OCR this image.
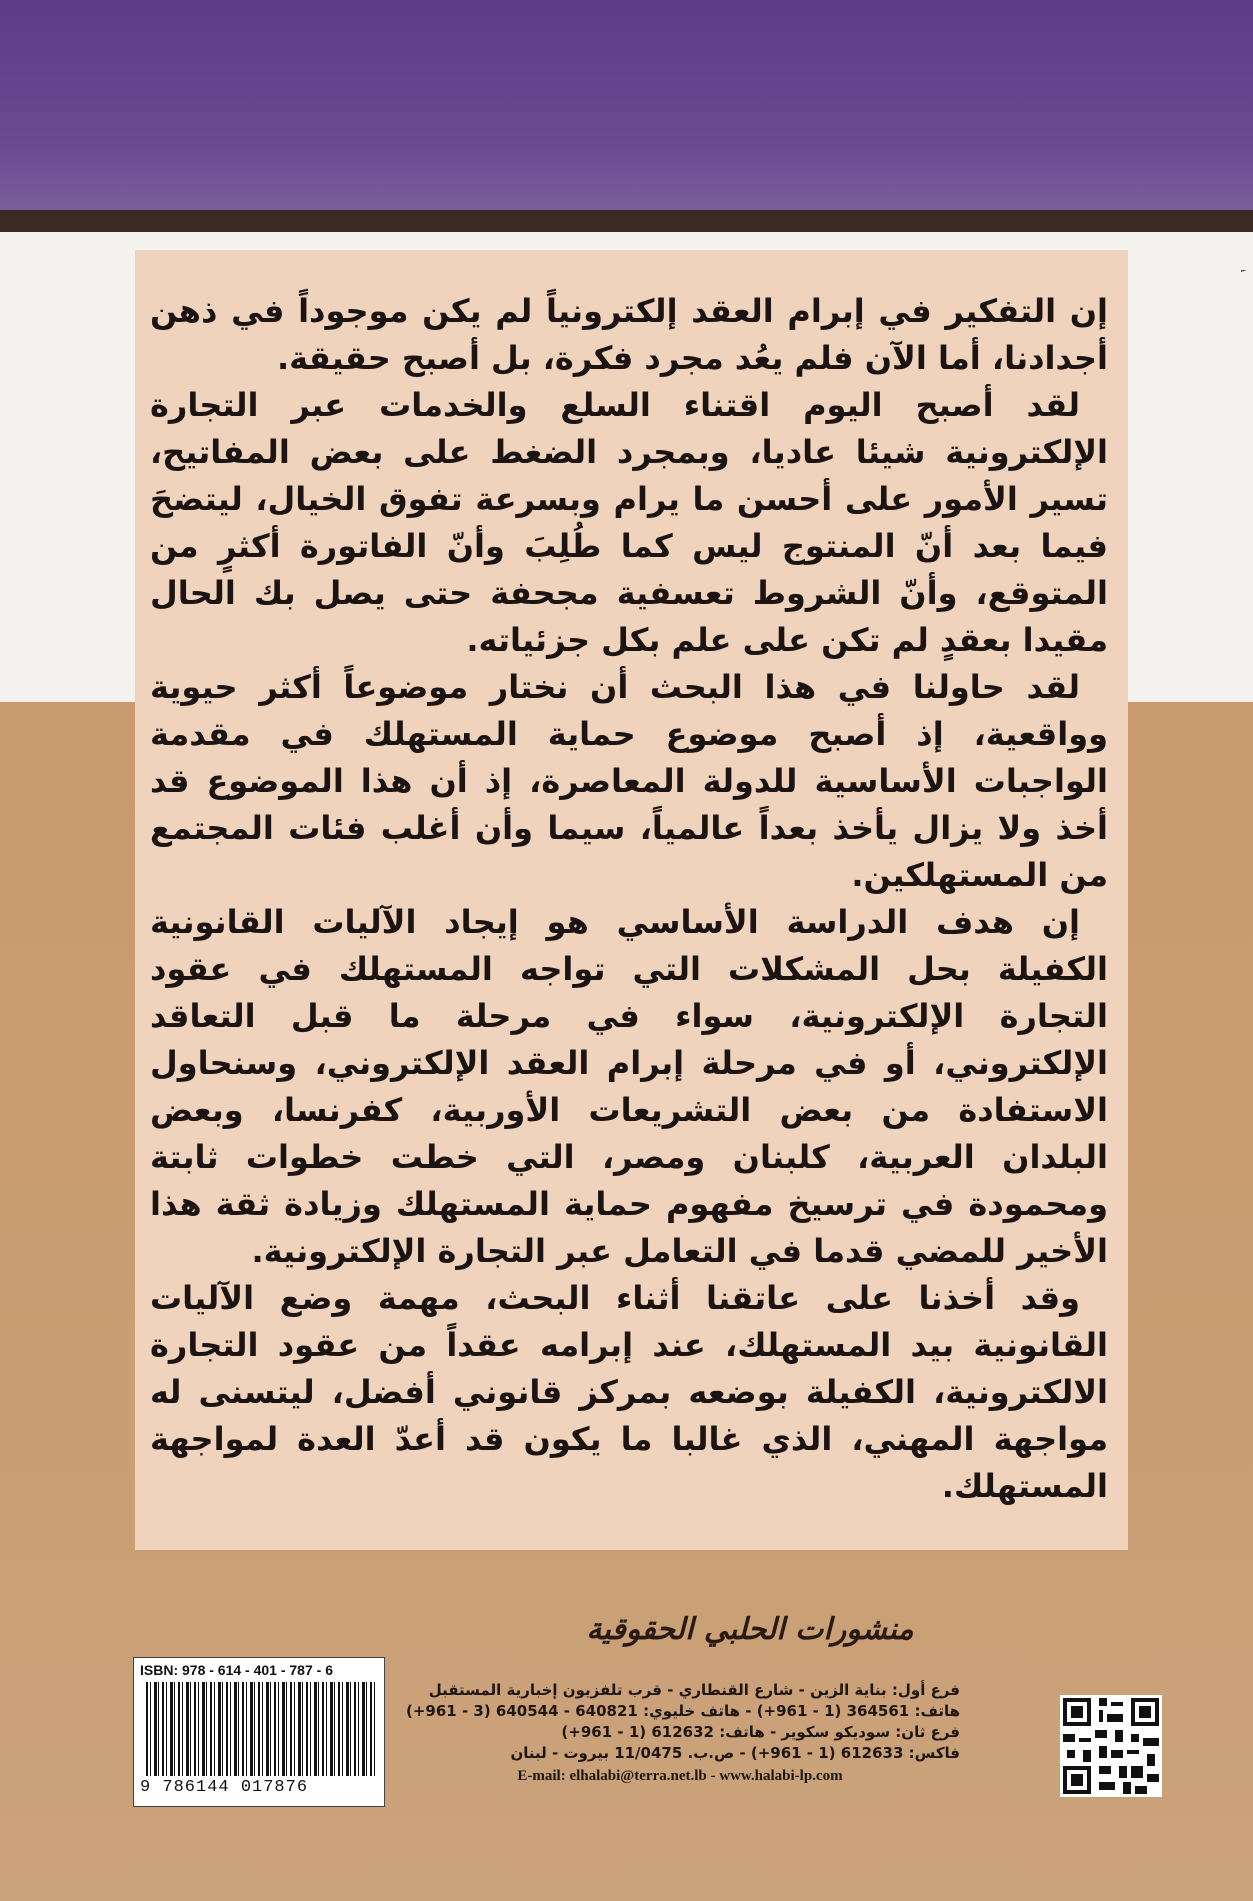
إن التفكير في إبرام العقد إلكترونياً لم يكن موجوداً في ذهن أجدادنا، أما الآن فلم يعُد مجرد فكرة، بل أصبح حقيقة.

لقد أصبح اليوم اقتناء السلع والخدمات عبر التجارة الإلكترونية شيئا عاديا، وبمجرد الضغط على بعض المفاتيح، تسير الأمور على أحسن ما يرام وبسرعة تفوق الخيال، ليتضحَ فيما بعد أنّ المنتوج ليس كما طُلِبَ وأنّ الفاتورة أكثرٍ من المتوقع، وأنّ الشروط تعسفية مجحفة حتى يصل بك الحال مقيدا بعقدٍ لم تكن على علم بكل جزئياته.

لقد حاولنا في هذا البحث أن نختار موضوعاً أكثر حيوية وواقعية، إذ أصبح موضوع حماية المستهلك في مقدمة الواجبات الأساسية للدولة المعاصرة، إذ أن هذا الموضوع قد أخذ ولا يزال يأخذ بعداً عالمياً، سيما وأن أغلب فئات المجتمع من المستهلكين.

إن هدف الدراسة الأساسي هو إيجاد الآليات القانونية الكفيلة بحل المشكلات التي تواجه المستهلك في عقود التجارة الإلكترونية، سواء في مرحلة ما قبل التعاقد الإلكتروني، أو في مرحلة إبرام العقد الإلكتروني، وسنحاول الاستفادة من بعض التشريعات الأوربية، كفرنسا، وبعض البلدان العربية، كلبنان ومصر، التي خطت خطوات ثابتة ومحمودة في ترسيخ مفهوم حماية المستهلك وزيادة ثقة هذا الأخير للمضي قدما في التعامل عبر التجارة الإلكترونية.

وقد أخذنا على عاتقنا أثناء البحث، مهمة وضع الآليات القانونية بيد المستهلك، عند إبرامه عقداً من عقود التجارة الالكترونية، الكفيلة بوضعه بمركز قانوني أفضل، ليتسنى له مواجهة المهني، الذي غالبا ما يكون قد أعدّ العدة لمواجهة المستهلك.

ISBN: 978 - 614 - 401 - 787 - 6
9 786144 017876
منشورات الحلبي الحقوقية
فرع أول: بناية الزين - شارع القنطاري - قرب تلفزيون إخبارية المستقبل
هاتف: 364561 (1 - 961+) - هاتف خليوي: 640821 - 640544 (3 - 961+)
فرع ثان: سوديكو سكوير - هاتف: 612632 (1 - 961+)
فاكس: 612633 (1 - 961+) - ص.ب. 11/0475 بيروت - لبنان
E-mail: elhalabi@terra.net.lb - www.halabi-lp.com
